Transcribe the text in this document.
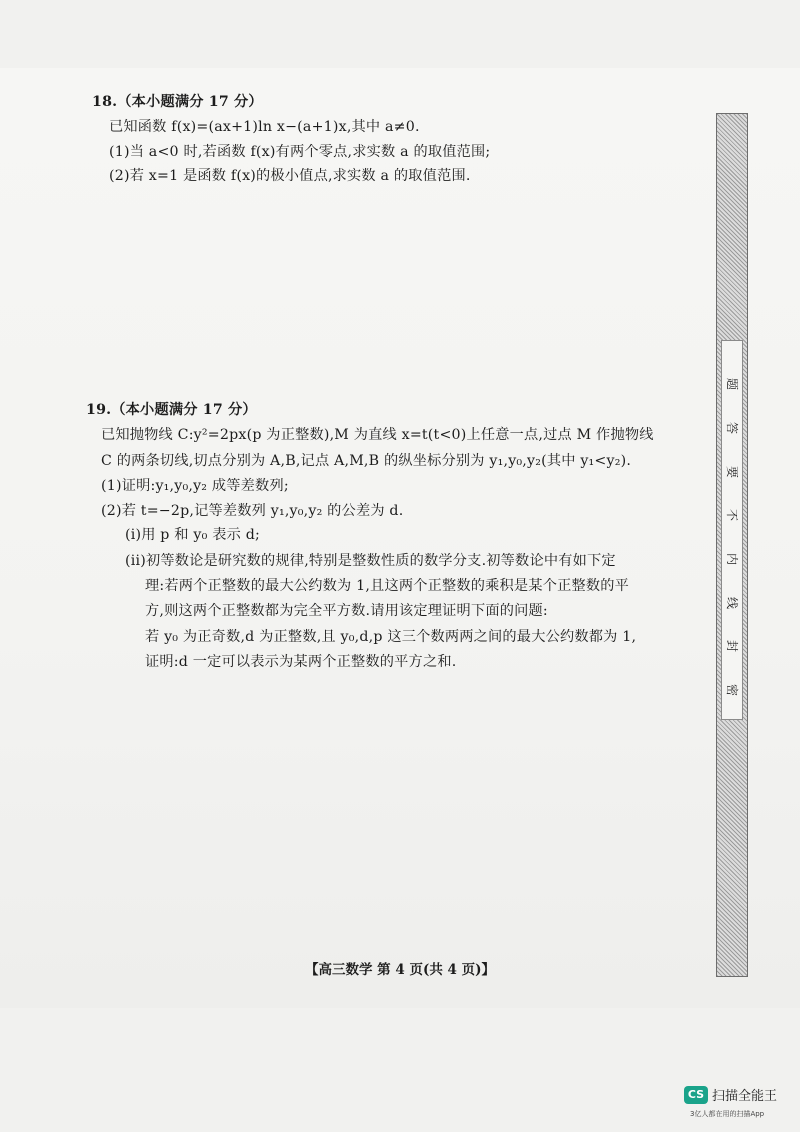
18.（本小题满分 17 分）
已知函数 f(x)=(ax+1)ln x−(a+1)x,其中 a≠0.
(1)当 a<0 时,若函数 f(x)有两个零点,求实数 a 的取值范围;
(2)若 x=1 是函数 f(x)的极小值点,求实数 a 的取值范围.
19.（本小题满分 17 分）
已知抛物线 C:y²=2px(p 为正整数),M 为直线 x=t(t<0)上任意一点,过点 M 作抛物线
C 的两条切线,切点分别为 A,B,记点 A,M,B 的纵坐标分别为 y₁,y₀,y₂(其中 y₁<y₂).
(1)证明:y₁,y₀,y₂ 成等差数列;
(2)若 t=−2p,记等差数列 y₁,y₀,y₂ 的公差为 d.
(i)用 p 和 y₀ 表示 d;
(ii)初等数论是研究数的规律,特别是整数性质的数学分支.初等数论中有如下定
理:若两个正整数的最大公约数为 1,且这两个正整数的乘积是某个正整数的平
方,则这两个正整数都为完全平方数.请用该定理证明下面的问题:
若 y₀ 为正奇数,d 为正整数,且 y₀,d,p 这三个数两两之间的最大公约数都为 1,
证明:d 一定可以表示为某两个正整数的平方之和.
密
封
线
内
不
要
答
题
【高三数学 第 4 页(共 4 页)】
CS 扫描全能王
3亿人都在用的扫描App
